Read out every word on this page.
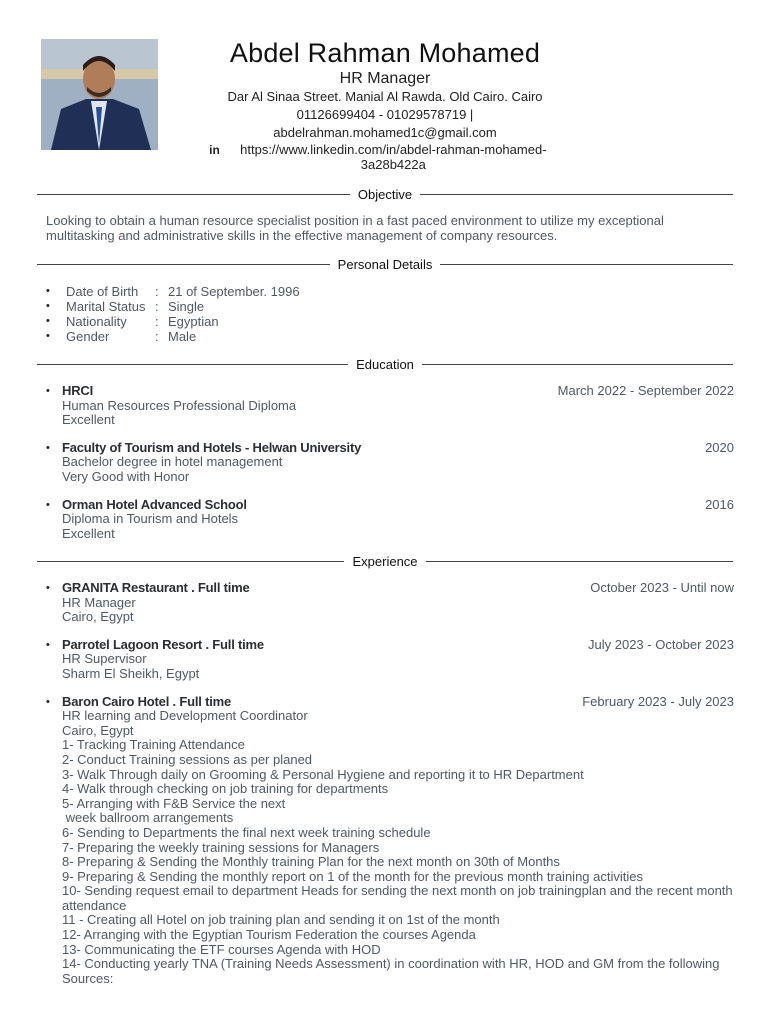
Abdel Rahman Mohamed
HR Manager
Dar Al Sinaa Street. Manial Al Rawda. Old Cairo. Cairo
01126699404 - 01029578719 |
abdelrahman.mohamed1c@gmail.com
in	https://www.linkedin.com/in/abdel-rahman-mohamed-3a28b422a
Objective
Looking to obtain a human resource specialist position in a fast paced environment to utilize my exceptional multitasking and administrative skills in the effective management of company resources.
Personal Details
• Date of Birth	: 21 of September. 1996
• Marital Status : Single
• Nationality	: Egyptian
• Gender	: Male
Education
• HRCI	March 2022 - September 2022
Human Resources Professional Diploma
Excellent
• Faculty of Tourism and Hotels - Helwan University	2020
Bachelor degree in hotel management
Very Good with Honor
• Orman Hotel Advanced School	2016
Diploma in Tourism and Hotels
Excellent
Experience
• GRANITA Restaurant . Full time	October 2023 - Until now
HR Manager
Cairo, Egypt
• Parrotel Lagoon Resort . Full time	July 2023 - October 2023
HR Supervisor
Sharm El Sheikh, Egypt
• Baron Cairo Hotel . Full time	February 2023 - July 2023
HR learning and Development Coordinator
Cairo, Egypt
1- Tracking Training Attendance
2- Conduct Training sessions as per planed
3- Walk Through daily on Grooming & Personal Hygiene and reporting it to HR Department
4- Walk through checking on job training for departments
5- Arranging with F&B Service the next
week ballroom arrangements
6- Sending to Departments the final next week training schedule
7- Preparing the weekly training sessions for Managers
8- Preparing & Sending the Monthly training Plan for the next month on 30th of Months
9- Preparing & Sending the monthly report on 1 of the month for the previous month training activities
10- Sending request email to department Heads for sending the next month on job trainingplan and the recent month attendance
11 - Creating all Hotel on job training plan and sending it on 1st of the month
12- Arranging with the Egyptian Tourism Federation the courses Agenda
13- Communicating the ETF courses Agenda with HOD
14- Conducting yearly TNA (Training Needs Assessment) in coordination with HR, HOD and GM from the following Sources:
